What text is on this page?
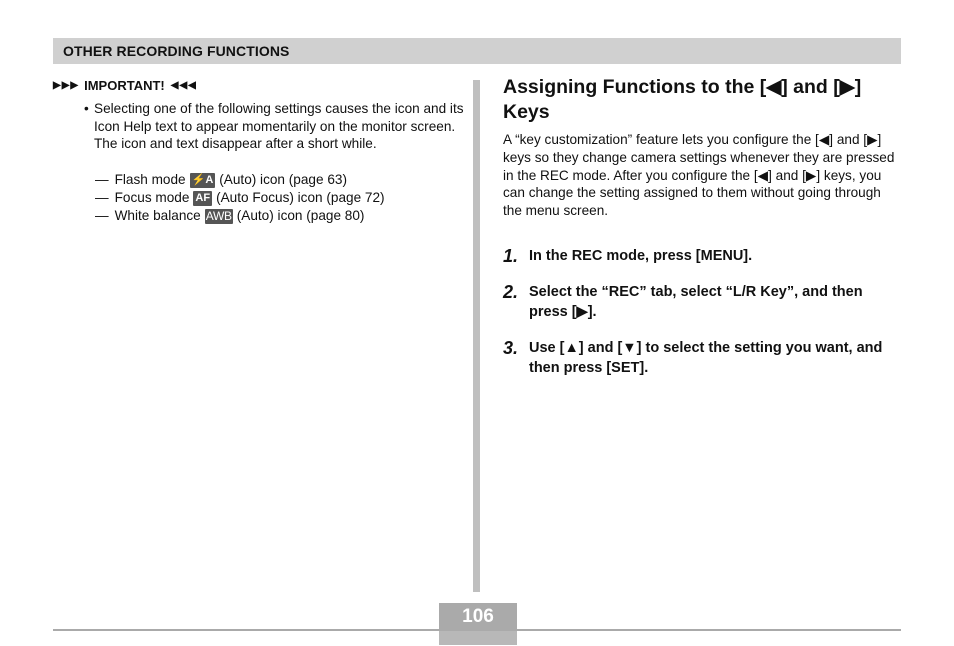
OTHER RECORDING FUNCTIONS
▶ ▶ ▶ IMPORTANT! ◀ ◀ ◀
• Selecting one of the following settings causes the icon and its Icon Help text to appear momentarily on the monitor screen. The icon and text disappear after a short while.
— Flash mode ⚡A (Auto) icon (page 63)
— Focus mode AF (Auto Focus) icon (page 72)
— White balance AWB (Auto) icon (page 80)
Assigning Functions to the [◀] and [▶]
Keys
A “key customization” feature lets you configure the [◀] and [▶] keys so they change camera settings whenever they are pressed in the REC mode. After you configure the [◀] and [▶] keys, you can change the setting assigned to them without going through the menu screen.
1. In the REC mode, press [MENU].
2. Select the “REC” tab, select “L/R Key”, and then press [▶].
3. Use [▲] and [▼] to select the setting you want, and then press [SET].
106
